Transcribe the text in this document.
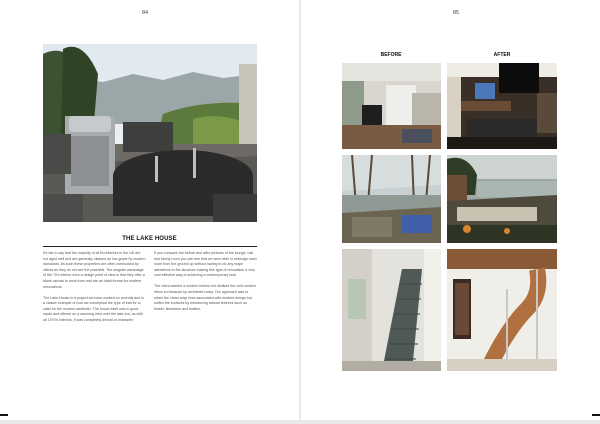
84
THE LAKE HOUSE

It's fair to say that the majority of all Bu interiors in the UK are not aged well and are generally classed as low grade by modern standards. As such these properties are often overlooked by clients as they do not see the potential. The singular advantage of the 70's interior from a design point of view is that they offer a blank canvas to work from and are an ideal format for modern renovations.

The Lake House is a project we have worked on recently and is a classic example of how we conceptual the type of interior to cater for the modern aesthetic. The house itself was in good repair and offered on a stunning view over the lake but, as with all 1970's interiors, it was completely devoid of character.

If you compare the before and after pictures of the lounge, hall and family room you can see that we were able to redesign each room from the ground up without having to do any major alterations to the structure making this type of renovation a very cost effective way of achieving a contemporary look.

The client wanted a modern interior but disliked the cold modern ethos so because by architects today. Our approach was to retain the clean crisp lines associated with modern design but soften the surfaces by introducing natural textures such as timber, limestone and leather.

85
BEFORE	AFTER
